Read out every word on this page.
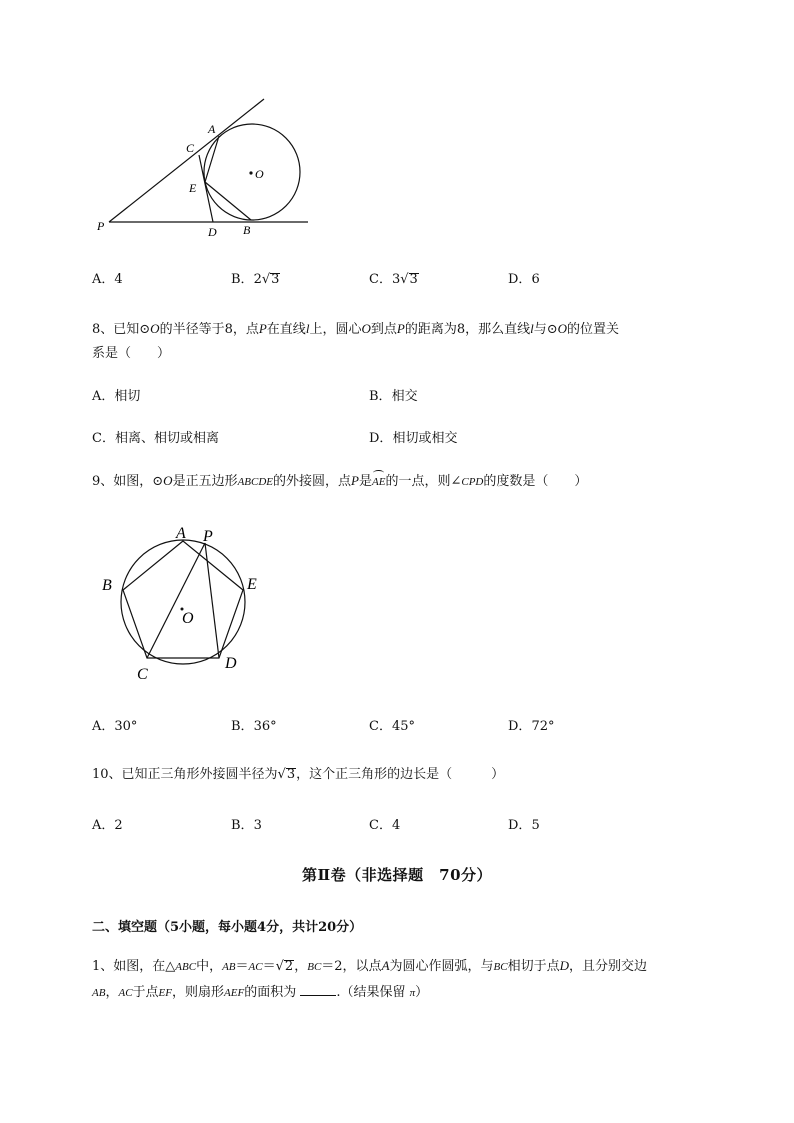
A
C
E
O
P	D B
A．4	B．2√3	C．3√3	D．6
8、已知⊙O的半径等于8，点P在直线l上，圆心O到点P的距离为8，那么直线l与⊙O的位置关
系是（　　）
A．相切	B．相交
C．相离、相切或相离	D．相切或相交
9、如图，⊙O是正五边形ABCDE的外接圆，点P是AE的一点，则∠CPD的度数是（　　）
A P
B	E
O
C
D
A．30°	B．36°	C．45°	D．72°
10、已知正三角形外接圆半径为√3，这个正三角形的边长是（　　　）
A．2	B．3	C．4	D．5
第Ⅱ卷（非选择题　70分）
二、填空题（5小题，每小题4分，共计20分）
1、如图，在△ABC中，AB＝AC＝√2，BC＝2，以点A为圆心作圆弧，与BC相切于点D，且分别交边
AB，AC于点EF，则扇形AEF的面积为	.（结果保留 π）
